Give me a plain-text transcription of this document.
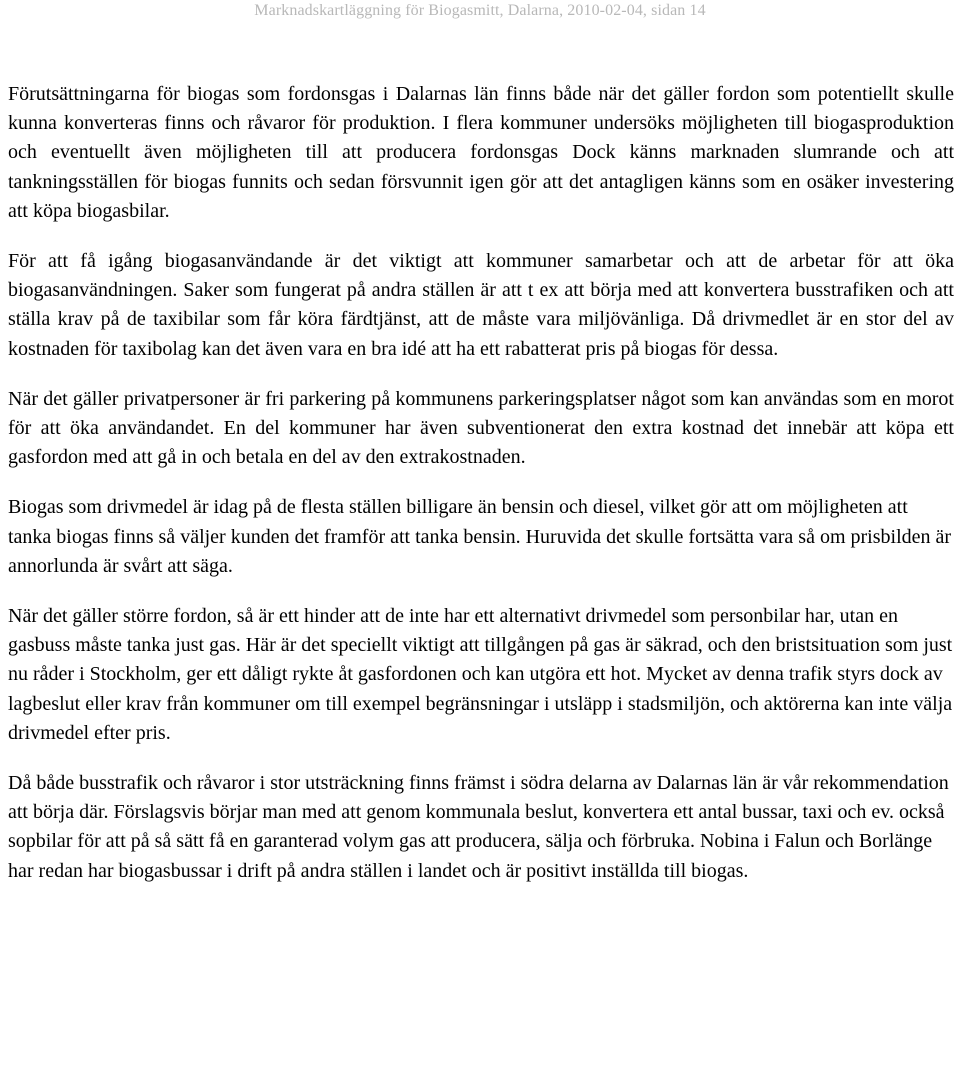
Marknadskartläggning för Biogasmitt, Dalarna, 2010-02-04, sidan 14

Förutsättningarna för biogas som fordonsgas i Dalarnas län finns både när det gäller fordon som potentiellt skulle kunna konverteras finns och råvaror för produktion. I flera kommuner undersöks möjligheten till biogasproduktion och eventuellt även möjligheten till att producera fordonsgas Dock känns marknaden slumrande och att tankningsställen för biogas funnits och sedan försvunnit igen gör att det antagligen känns som en osäker investering att köpa biogasbilar.

För att få igång biogasanvändande är det viktigt att kommuner samarbetar och att de arbetar för att öka biogasanvändningen. Saker som fungerat på andra ställen är att t ex att börja med att konvertera busstrafiken och att ställa krav på de taxibilar som får köra färdtjänst, att de måste vara miljövänliga. Då drivmedlet är en stor del av kostnaden för taxibolag kan det även vara en bra idé att ha ett rabatterat pris på biogas för dessa.

När det gäller privatpersoner är fri parkering på kommunens parkeringsplatser något som kan användas som en morot för att öka användandet. En del kommuner har även subventionerat den extra kostnad det innebär att köpa ett gasfordon med att gå in och betala en del av den extrakostnaden.

Biogas som drivmedel är idag på de flesta ställen billigare än bensin och diesel, vilket gör att om möjligheten att tanka biogas finns så väljer kunden det framför att tanka bensin. Huruvida det skulle fortsätta vara så om prisbilden är annorlunda är svårt att säga.

När det gäller större fordon, så är ett hinder att de inte har ett alternativt drivmedel som personbilar har, utan en gasbuss måste tanka just gas. Här är det speciellt viktigt att tillgången på gas är säkrad, och den bristsituation som just nu råder i Stockholm, ger ett dåligt rykte åt gasfordonen och kan utgöra ett hot. Mycket av denna trafik styrs dock av lagbeslut eller krav från kommuner om till exempel begränsningar i utsläpp i stadsmiljön, och aktörerna kan inte välja drivmedel efter pris.

Då både busstrafik och råvaror i stor utsträckning finns främst i södra delarna av Dalarnas län är vår rekommendation att börja där. Förslagsvis börjar man med att genom kommunala beslut, konvertera ett antal bussar, taxi och ev. också sopbilar för att på så sätt få en garanterad volym gas att producera, sälja och förbruka. Nobina i Falun och Borlänge har redan har biogasbussar i drift på andra ställen i landet och är positivt inställda till biogas.
